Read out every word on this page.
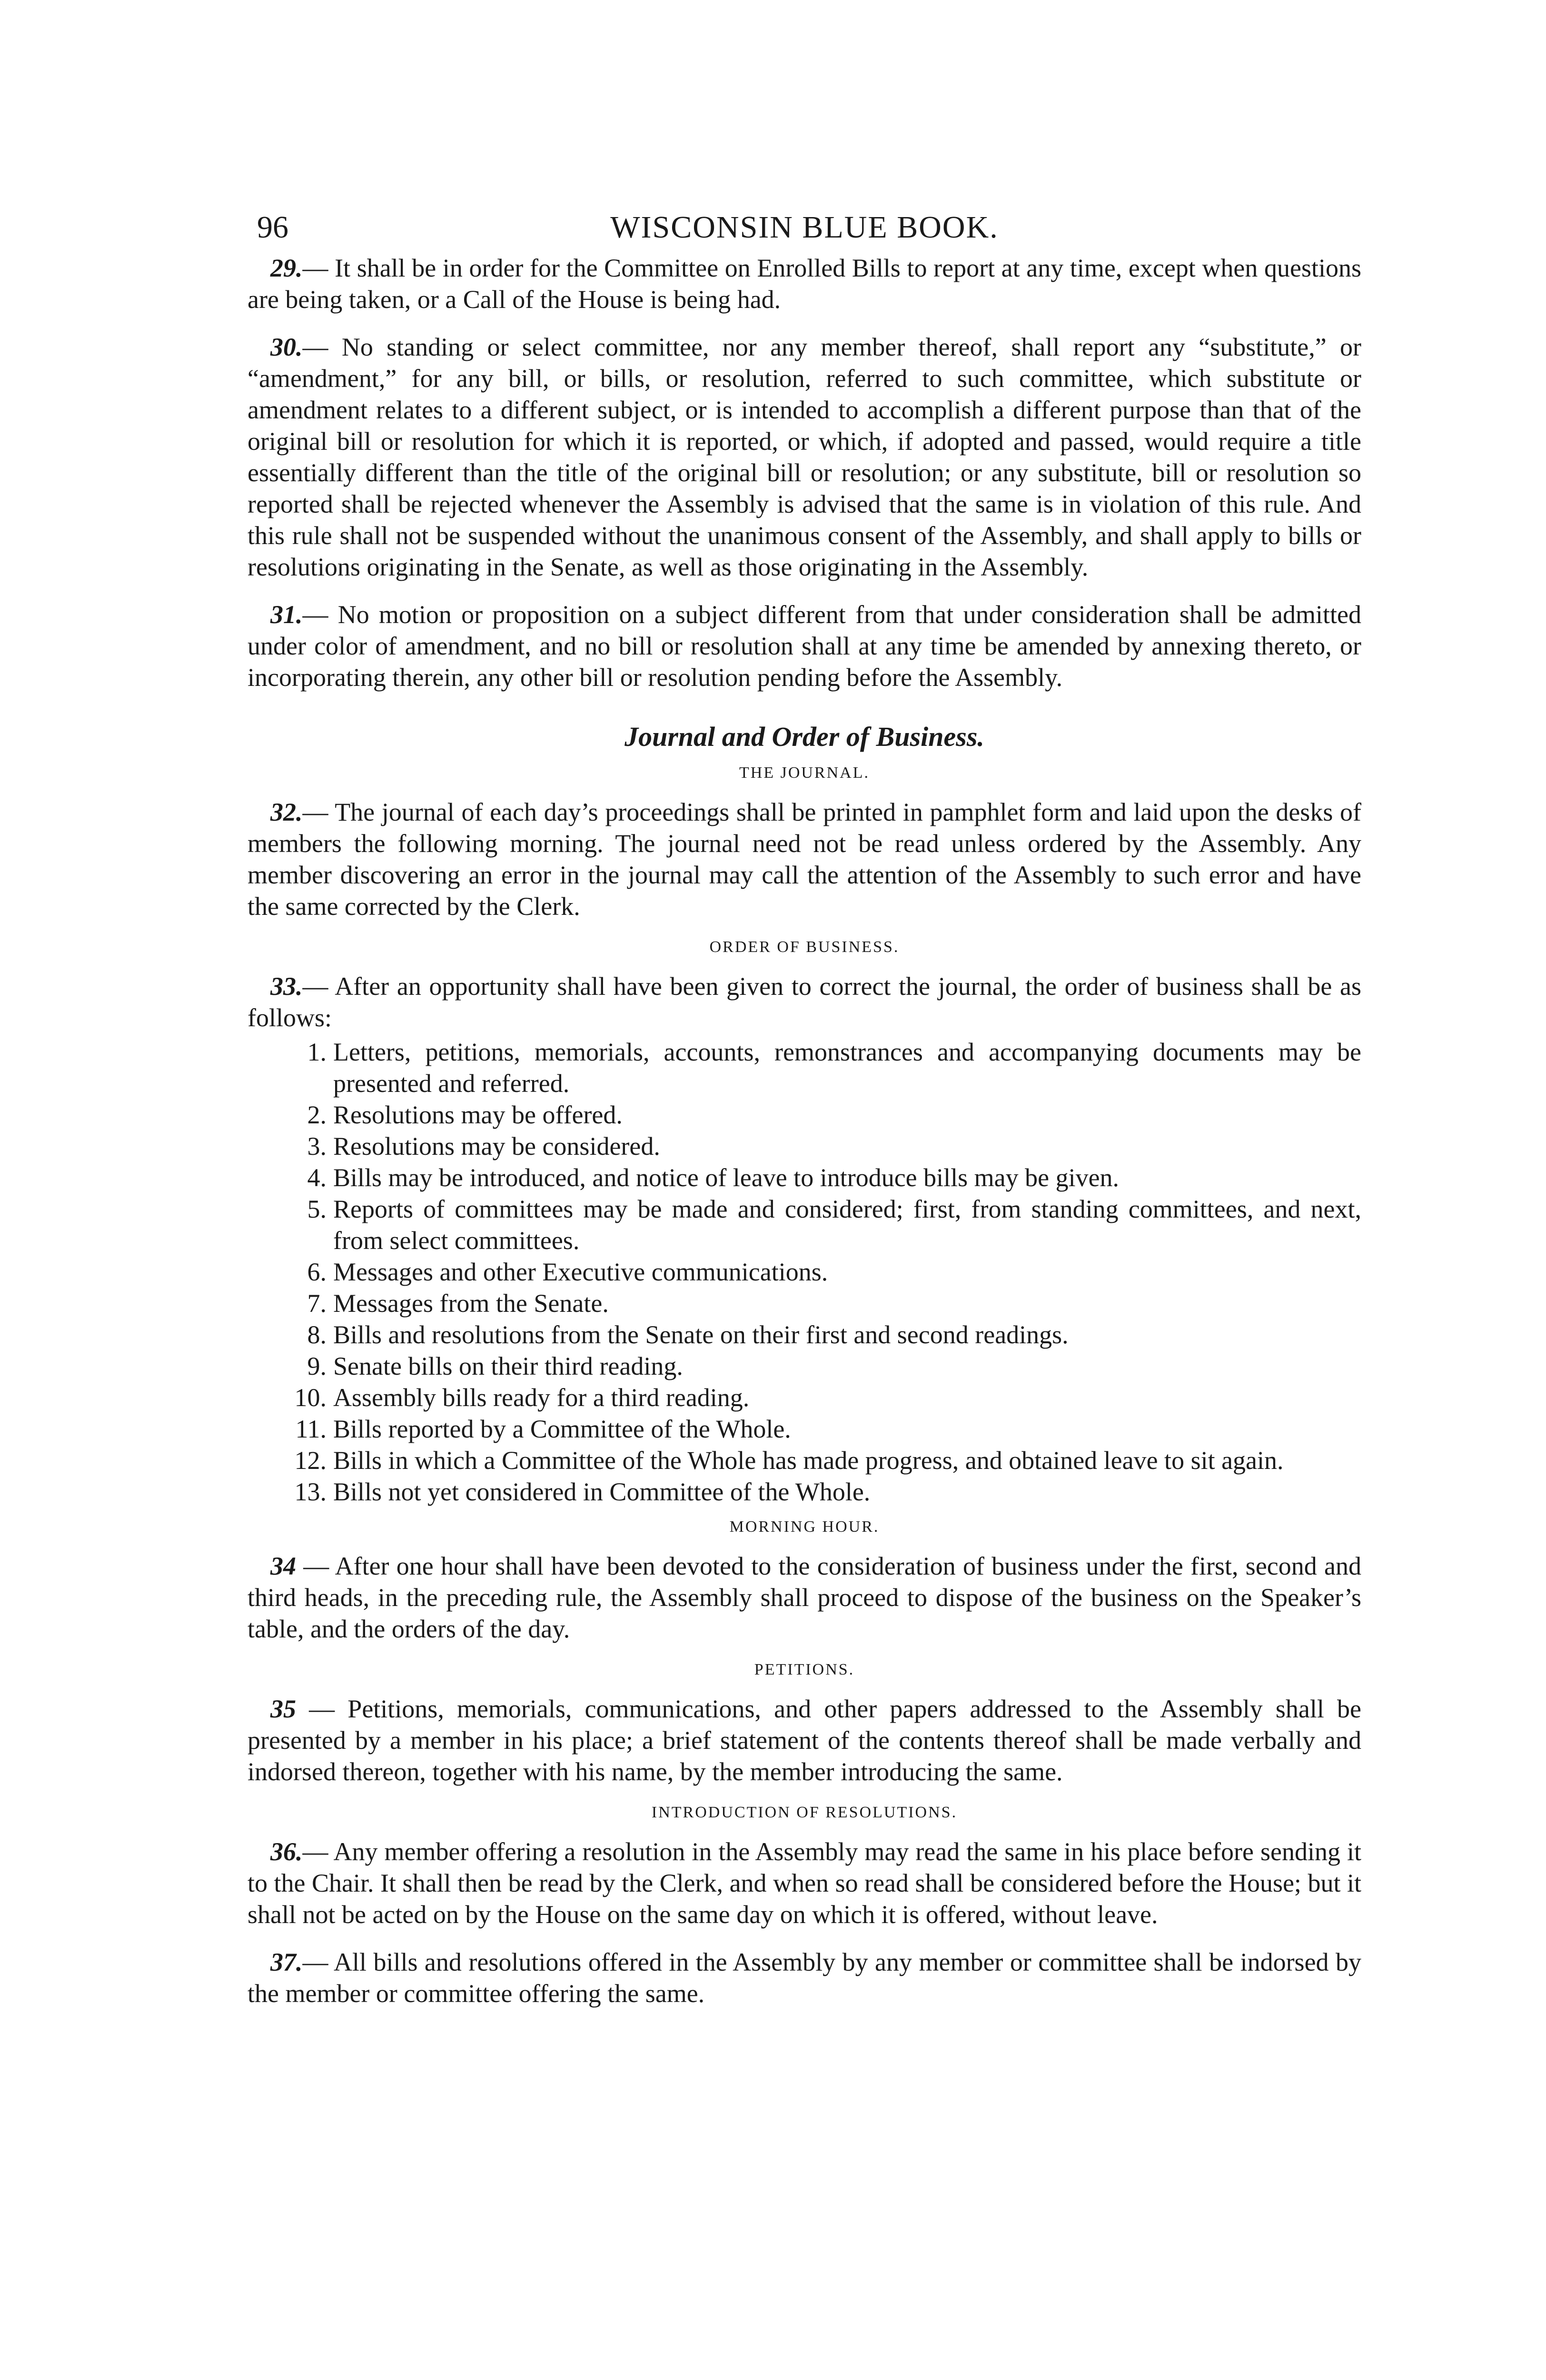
96	WISCONSIN BLUE BOOK.

29.— It shall be in order for the Committee on Enrolled Bills to report at any time, except when questions are being taken, or a Call of the House is being had.

30.— No standing or select committee, nor any member thereof, shall report any “substitute,” or “amendment,” for any bill, or bills, or resolution, referred to such committee, which substitute or amendment relates to a different subject, or is intended to accomplish a different purpose than that of the original bill or resolution for which it is reported, or which, if adopted and passed, would require a title essentially different than the title of the original bill or resolution; or any substitute, bill or resolution so reported shall be rejected whenever the Assembly is advised that the same is in violation of this rule. And this rule shall not be suspended without the unanimous consent of the Assembly, and shall apply to bills or resolutions originating in the Senate, as well as those originating in the Assembly.

31.— No motion or proposition on a subject different from that under consideration shall be admitted under color of amendment, and no bill or resolution shall at any time be amended by annexing thereto, or incorporating therein, any other bill or resolution pending before the Assembly.

Journal and Order of Business.
THE JOURNAL.

32.— The journal of each day’s proceedings shall be printed in pamphlet form and laid upon the desks of members the following morning. The journal need not be read unless ordered by the Assembly. Any member discovering an error in the journal may call the attention of the Assembly to such error and have the same corrected by the Clerk.

ORDER OF BUSINESS.

33.— After an opportunity shall have been given to correct the journal, the order of business shall be as follows:

1. Letters, petitions, memorials, accounts, remonstrances and accompanying documents may be presented and referred.
2. Resolutions may be offered.
3. Resolutions may be considered.
4. Bills may be introduced, and notice of leave to introduce bills may be given.
5. Reports of committees may be made and considered; first, from standing committees, and next, from select committees.
6. Messages and other Executive communications.
7. Messages from the Senate.
8. Bills and resolutions from the Senate on their first and second readings.
9. Senate bills on their third reading.
10. Assembly bills ready for a third reading.
11. Bills reported by a Committee of the Whole.
12. Bills in which a Committee of the Whole has made progress, and obtained leave to sit again.
13. Bills not yet considered in Committee of the Whole.
MORNING HOUR.

34 — After one hour shall have been devoted to the consideration of business under the first, second and third heads, in the preceding rule, the Assembly shall proceed to dispose of the business on the Speaker’s table, and the orders of the day.

PETITIONS.

35 — Petitions, memorials, communications, and other papers addressed to the Assembly shall be presented by a member in his place; a brief statement of the contents thereof shall be made verbally and indorsed thereon, together with his name, by the member introducing the same.

INTRODUCTION OF RESOLUTIONS.

36.— Any member offering a resolution in the Assembly may read the same in his place before sending it to the Chair. It shall then be read by the Clerk, and when so read shall be considered before the House; but it shall not be acted on by the House on the same day on which it is offered, without leave.

37.— All bills and resolutions offered in the Assembly by any member or committee shall be indorsed by the member or committee offering the same.
